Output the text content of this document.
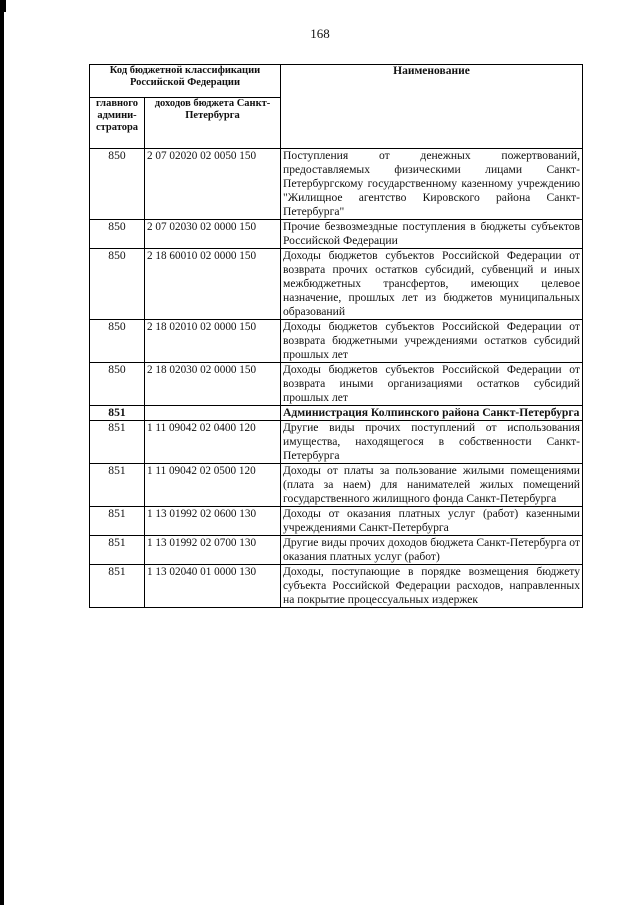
168
Код бюджетной классификации Российской Федерации		Наименование
главного админи-стратора	доходов бюджета Санкт-Петербурга	
850	2 07 02020 02 0050 150	Поступления от денежных пожертвований, предоставляемых физическими лицами Санкт-Петербургскому государственному казенному учреждению "Жилищное агентство Кировского района Санкт-Петербурга"
850	2 07 02030 02 0000 150	Прочие безвозмездные поступления в бюджеты субъектов Российской Федерации
850	2 18 60010 02 0000 150	Доходы бюджетов субъектов Российской Федерации от возврата прочих остатков субсидий, субвенций и иных межбюджетных трансфертов, имеющих целевое назначение, прошлых лет из бюджетов муниципальных образований
850	2 18 02010 02 0000 150	Доходы бюджетов субъектов Российской Федерации от возврата бюджетными учреждениями остатков субсидий прошлых лет
850	2 18 02030 02 0000 150	Доходы бюджетов субъектов Российской Федерации от возврата иными организациями остатков субсидий прошлых лет
851		Администрация Колпинского района Санкт-Петербурга
851	1 11 09042 02 0400 120	Другие виды прочих поступлений от использования имущества, находящегося в собственности Санкт-Петербурга
851	1 11 09042 02 0500 120	Доходы от платы за пользование жилыми помещениями (плата за наем) для нанимателей жилых помещений государственного жилищного фонда Санкт-Петербурга
851	1 13 01992 02 0600 130	Доходы от оказания платных услуг (работ) казенными учреждениями Санкт-Петербурга
851	1 13 01992 02 0700 130	Другие виды прочих доходов бюджета Санкт-Петербурга от оказания платных услуг (работ)
851	1 13 02040 01 0000 130	Доходы, поступающие в порядке возмещения бюджету субъекта Российской Федерации расходов, направленных на покрытие процессуальных издержек
